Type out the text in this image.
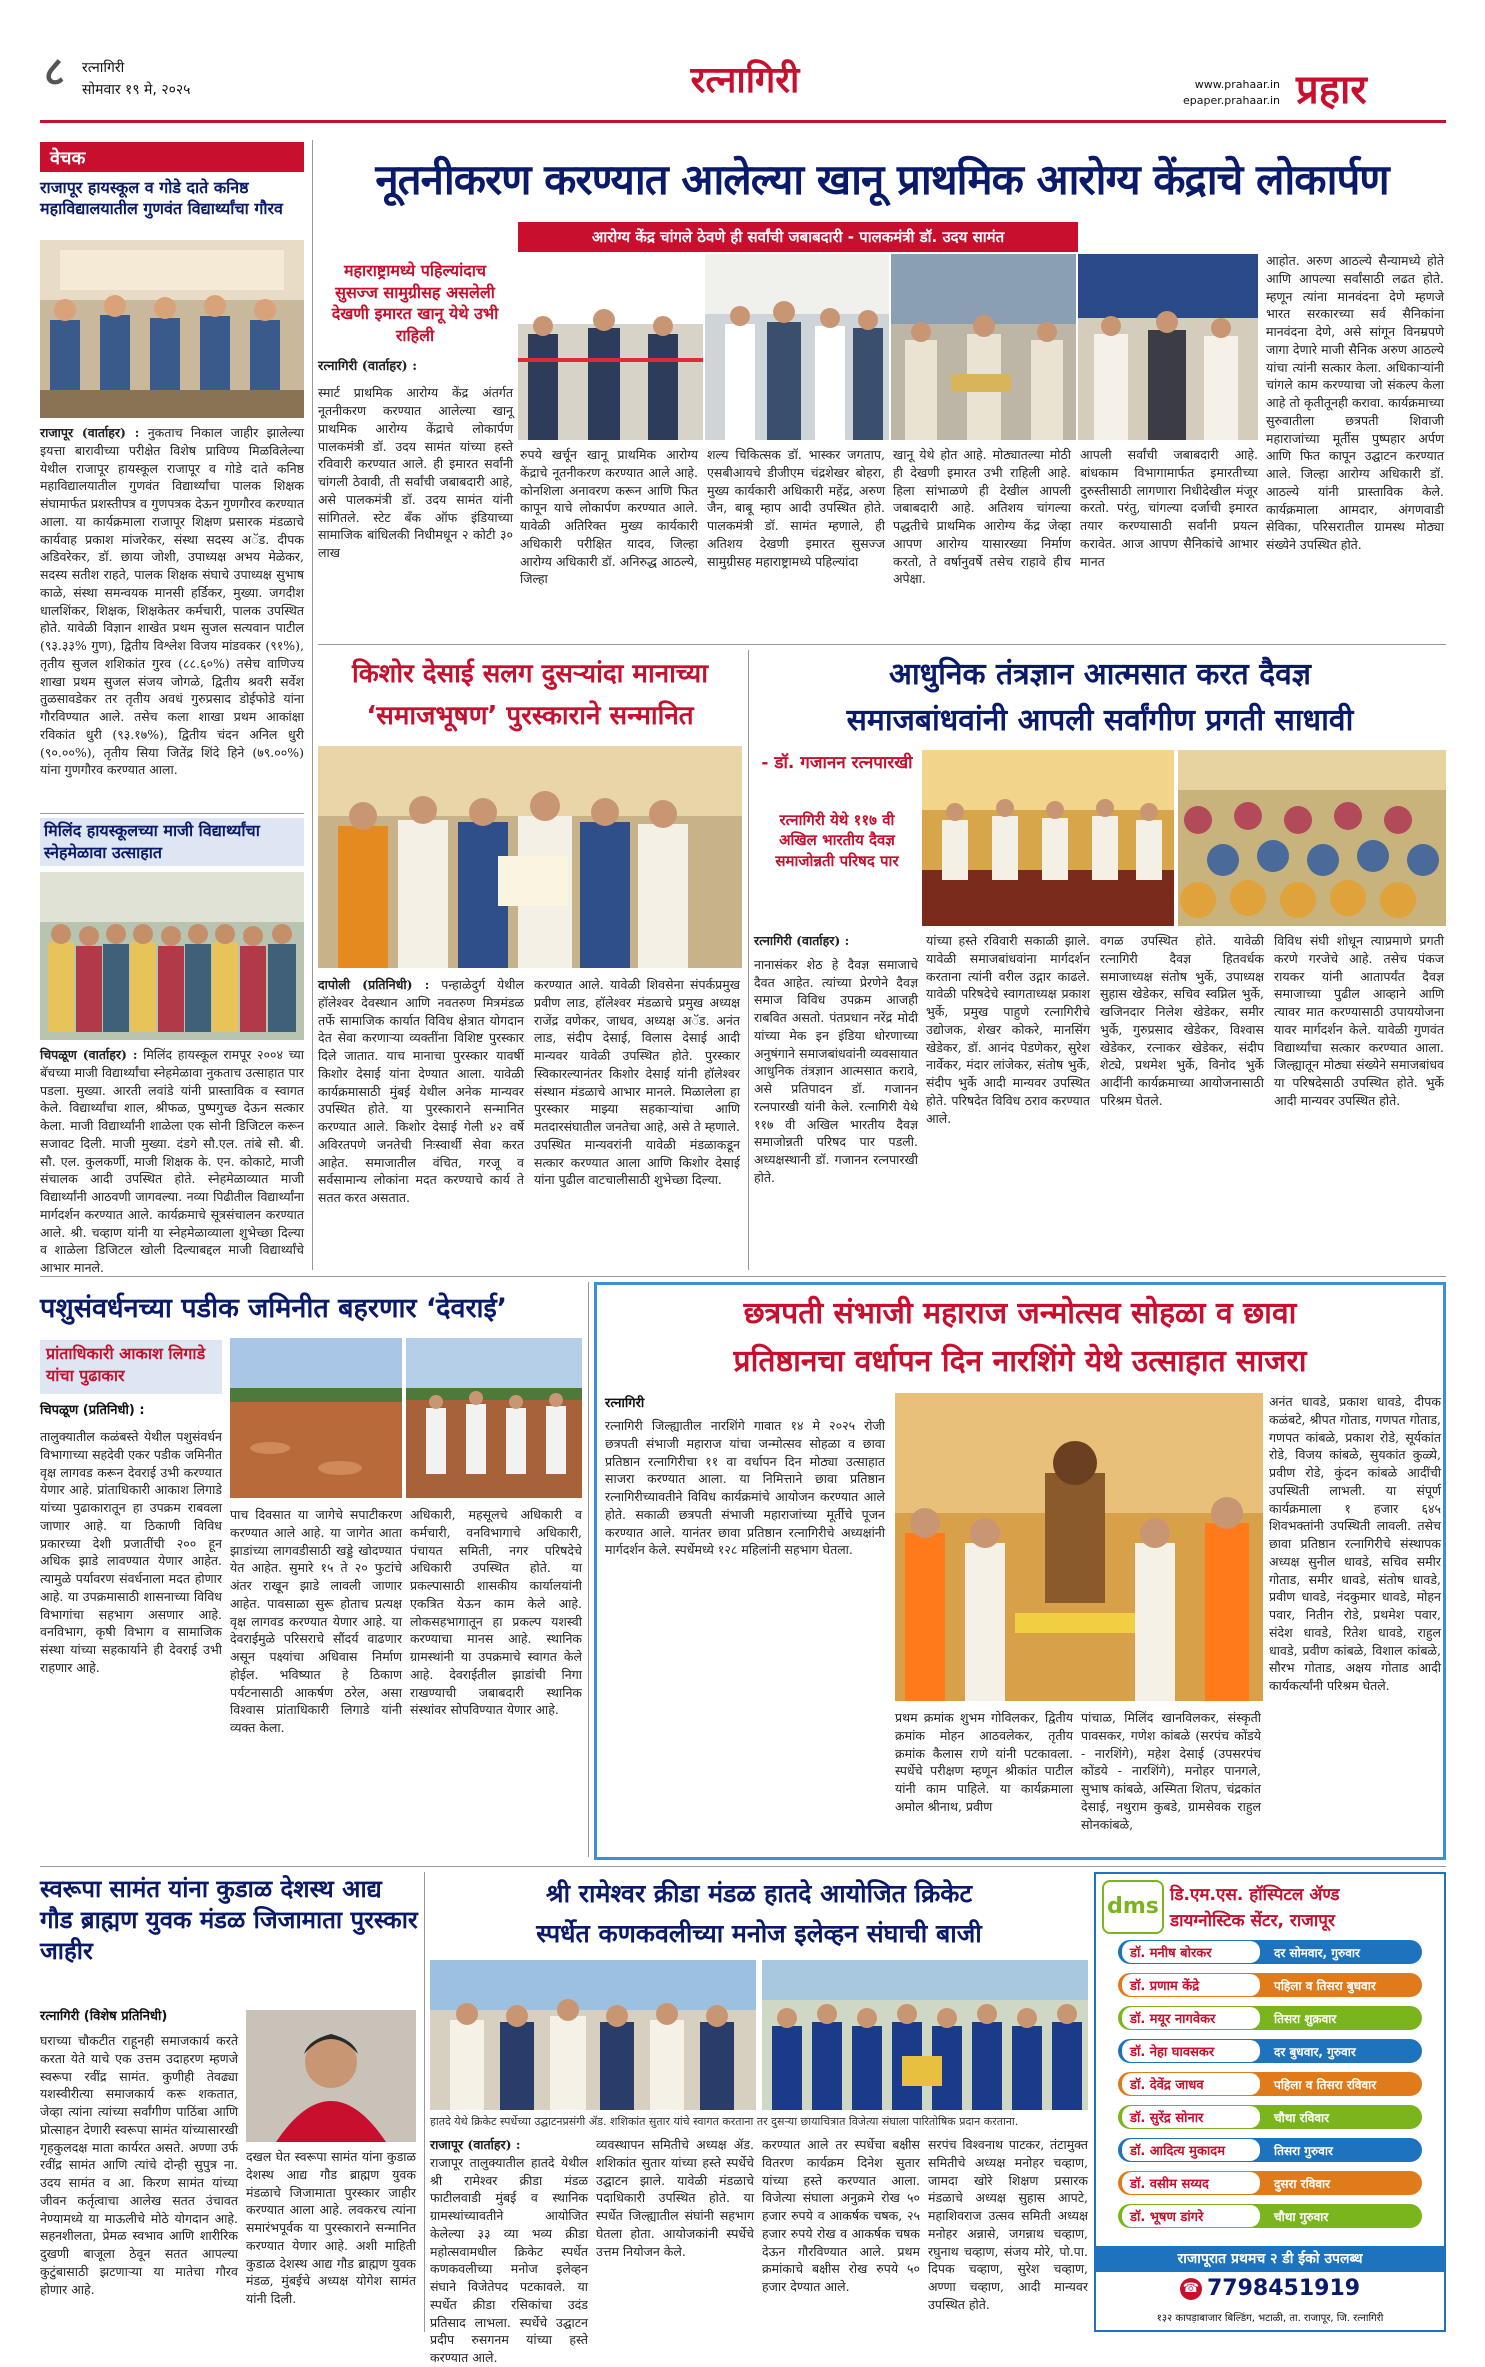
८	रत्नागिरी
सोमवार १९ मे, २०२५	रत्नागिरी	www.prahaar.in
epaper.prahaar.in प्रहार
वेचक
राजापूर हायस्कूल व गोडे दाते कनिष्ठ महाविद्यालयातील गुणवंत विद्यार्थ्यांचा गौरव
राजापूर (वार्ताहर) : नुकताच निकाल जाहीर झालेल्या इयत्ता बारावीच्या परीक्षेत विशेष प्राविण्य मिळविलेल्या येथील राजापूर हायस्कूल राजापूर व गोडे दाते कनिष्ठ महाविद्यालयातील गुणवंत विद्यार्थ्यांचा पालक शिक्षक संघामार्फत प्रशस्तीपत्र व गुणपत्रक देऊन गुणगौरव करण्यात आला. या कार्यक्रमाला राजापूर शिक्षण प्रसारक मंडळाचे कार्यवाह प्रकाश मांजरेकर, संस्था सदस्य अॅड. दीपक अडिवरेकर, डॉ. छाया जोशी, उपाध्यक्ष अभय मेळेकर, सदस्य सतीश राहते, पालक शिक्षक संघाचे उपाध्यक्ष सुभाष काळे, संस्था समन्वयक मानसी हर्डिकर, मुख्या. जगदीश धालशिंकर, शिक्षक, शिक्षकेतर कर्मचारी, पालक उपस्थित होते. यावेळी विज्ञान शाखेत प्रथम सुजल सत्यवान पाटील (९३.३३% गुण), द्वितीय विश्लेश विजय मांडवकर (९१%), तृतीय सुजल शशिकांत गुरव (८८.६०%) तसेच वाणिज्य शाखा प्रथम सुजल संजय जोगळे, द्वितीय श्रवरी सर्वेश तुळसावडेकर तर तृतीय अवधं गुरुप्रसाद डोईफोडे यांना गौरविण्यात आले. तसेच कला शाखा प्रथम आकांक्षा रविकांत धुरी (९३.१७%), द्वितीय चंदन अनिल धुरी (९०.००%), तृतीय सिया जितेंद्र शिंदे हिने (७९.००%) यांना गुणगौरव करण्यात आला.
मिलिंद हायस्कूलच्या माजी विद्यार्थ्यांचा स्नेहमेळावा उत्साहात
चिपळूण (वार्ताहर) : मिलिंद हायस्कूल रामपूर २००४ च्या बॅचच्या माजी विद्यार्थ्यांचा स्नेहमेळावा नुकताच उत्साहात पार पडला. मुख्या. आरती लवांडे यांनी प्रास्ताविक व स्वागत केले. विद्यार्थ्यांचा शाल, श्रीफळ, पुष्पगुच्छ देऊन सत्कार केला. माजी विद्यार्थ्यांनी शाळेला एक सोनी डिजिटल करून सजावट दिली. माजी मुख्या. दंडगे सौ.एल. तांबे सौ. बी. सौ. एल. कुलकर्णी, माजी शिक्षक के. एन. कोकाटे, माजी संचालक आदी उपस्थित होते. स्नेहमेळाव्यात माजी विद्यार्थ्यांनी आठवणी जागवल्या. नव्या पिढीतील विद्यार्थ्यांना मार्गदर्शन करण्यात आले. कार्यक्रमाचे सूत्रसंचालन करण्यात आले. श्री. चव्हाण यांनी या स्नेहमेळाव्याला शुभेच्छा दिल्या व शाळेला डिजिटल खोली दिल्याबद्दल माजी विद्यार्थ्यांचे आभार मानले.
नूतनीकरण करण्यात आलेल्या खानू प्राथमिक आरोग्य केंद्राचे लोकार्पण
आरोग्य केंद्र चांगले ठेवणे ही सर्वांची जबाबदारी - पालकमंत्री डॉ. उदय सामंत
महाराष्ट्रामध्ये पहिल्यांदाच सुसज्ज सामुग्रीसह असलेली देखणी इमारत खानू येथे उभी राहिली
रत्नागिरी (वार्ताहर) :
स्मार्ट प्राथमिक आरोग्य केंद्र अंतर्गत नूतनीकरण करण्यात आलेल्या खानू प्राथमिक आरोग्य केंद्राचे लोकार्पण पालकमंत्री डॉ. उदय सामंत यांच्या हस्ते रविवारी करण्यात आले. ही इमारत सर्वांनी चांगली ठेवावी, ती सर्वांची जबाबदारी आहे, असे पालकमंत्री डॉ. उदय सामंत यांनी सांगितले. स्टेट बँक ऑफ इंडियाच्या सामाजिक बांधिलकी निधीमधून २ कोटी ३० लाख
रुपये खर्चून खानू प्राथमिक आरोग्य केंद्राचे नूतनीकरण करण्यात आले आहे. कोनशिला अनावरण करून आणि फित कापून याचे लोकार्पण करण्यात आले. यावेळी अतिरिक्त मुख्य कार्यकारी अधिकारी परीक्षित यादव, जिल्हा आरोग्य अधिकारी डॉ. अनिरुद्ध आठल्ये, जिल्हा
शल्य चिकित्सक डॉ. भास्कर जगताप, एसबीआयचे डीजीएम चंद्रशेखर बोहरा, मुख्य कार्यकारी अधिकारी महेंद्र, अरुण जैन, बाबू म्हाप आदी उपस्थित होते. पालकमंत्री डॉ. सामंत म्हणाले, ही अतिशय देखणी इमारत सुसज्ज सामुग्रीसह महाराष्ट्रामध्ये पहिल्यांदा
खानू येथे होत आहे. मोठ्यातल्या मोठी ही देखणी इमारत उभी राहिली आहे. हिला सांभाळणे ही देखील आपली जबाबदारी आहे. अतिशय चांगल्या पद्धतीचे प्राथमिक आरोग्य केंद्र जेव्हा आपण आरोग्य यासारख्या निर्माण करतो, ते वर्षानुवर्षे तसेच राहावे हीच अपेक्षा.
आपली सर्वांची जबाबदारी आहे. बांधकाम विभागामार्फत इमारतीच्या दुरुस्तीसाठी लागणारा निधीदेखील मंजूर करतो. परंतु, चांगल्या दर्जाची इमारत तयार करण्यासाठी सर्वांनी प्रयत्न करावेत. आज आपण सैनिकांचे आभार मानत
आहोत. अरुण आठल्ये सैन्यामध्ये होते आणि आपल्या सर्वांसाठी लढत होते. म्हणून त्यांना मानवंदना देणे म्हणजे भारत सरकारच्या सर्व सैनिकांना मानवंदना देणे, असे सांगून विनम्रपणे जागा देणारे माजी सैनिक अरुण आठल्ये यांचा त्यांनी सत्कार केला. अधिकाऱ्यांनी चांगले काम करण्याचा जो संकल्प केला आहे तो कृतीतूनही करावा. कार्यक्रमाच्या सुरुवातीला छत्रपती शिवाजी महाराजांच्या मूर्तीस पुष्पहार अर्पण आणि फित कापून उद्घाटन करण्यात आले. जिल्हा आरोग्य अधिकारी डॉ. आठल्ये यांनी प्रास्ताविक केले. कार्यक्रमाला आमदार, अंगणवाडी सेविका, परिसरातील ग्रामस्थ मोठ्या संख्येने उपस्थित होते.
किशोर देसाई सलग दुसऱ्यांदा मानाच्या
‘समाजभूषण’ पुरस्काराने सन्मानित
दापोली (प्रतिनिधी) : पन्हाळेदुर्ग येथील हॉलेश्वर देवस्थान आणि नवतरुण मित्रमंडळ तर्फे सामाजिक कार्यात विविध क्षेत्रात योगदान देत सेवा करणाऱ्या व्यक्तींना विशिष्ट पुरस्कार दिले जातात. याच मानाचा पुरस्कार यावर्षी किशोर देसाई यांना देण्यात आला. यावेळी कार्यक्रमासाठी मुंबई येथील अनेक मान्यवर उपस्थित होते. या पुरस्काराने सन्मानित करण्यात आले. किशोर देसाई गेली ४२ वर्षे अविरतपणे जनतेची निःस्वार्थी सेवा करत आहेत. समाजातील वंचित, गरजू व सर्वसामान्य लोकांना मदत करण्याचे कार्य ते सतत करत असतात.
करण्यात आले. यावेळी शिवसेना संपर्कप्रमुख प्रवीण लाड, हॉलेश्वर मंडळाचे प्रमुख अध्यक्ष राजेंद्र वणेकर, जाधव, अध्यक्ष अॅड. अनंत लाड, संदीप देसाई, विलास देसाई आदी मान्यवर यावेळी उपस्थित होते. पुरस्कार स्विकारल्यानंतर किशोर देसाई यांनी हॉलेश्वर संस्थान मंडळाचे आभार मानले. मिळालेला हा पुरस्कार माझ्या सहकाऱ्यांचा आणि मतदारसंघातील जनतेचा आहे, असे ते म्हणाले. उपस्थित मान्यवरांनी यावेळी मंडळाकडून सत्कार करण्यात आला आणि किशोर देसाई यांना पुढील वाटचालीसाठी शुभेच्छा दिल्या.
आधुनिक तंत्रज्ञान आत्मसात करत दैवज्ञ
समाजबांधवांनी आपली सर्वांगीण प्रगती साधावी
- डॉ. गजानन रत्नपारखी
रत्नागिरी येथे ११७ वी अखिल भारतीय दैवज्ञ समाजोन्नती परिषद पार
रत्नागिरी (वार्ताहर) :
नानासंकर शेठ हे दैवज्ञ समाजाचे दैवत आहेत. त्यांच्या प्रेरणेने दैवज्ञ समाज विविध उपक्रम आजही राबवित असतो. पंतप्रधान नरेंद्र मोदी यांच्या मेक इन इंडिया धोरणाच्या अनुषंगाने समाजबांधवांनी व्यवसायात आधुनिक तंत्रज्ञान आत्मसात करावे, असे प्रतिपादन डॉ. गजानन रत्नपारखी यांनी केले. रत्नागिरी येथे ११७ वी अखिल भारतीय दैवज्ञ समाजोन्नती परिषद पार पडली. अध्यक्षस्थानी डॉ. गजानन रत्नपारखी होते.
यांच्या हस्ते रविवारी सकाळी झाले. यावेळी समाजबांधवांना मार्गदर्शन करताना त्यांनी वरील उद्गार काढले. यावेळी परिषदेचे स्वागताध्यक्ष प्रकाश भुर्के, प्रमुख पाहुणे रत्नागिरीचे उद्योजक, शेखर कोकरे, मानसिंग खेडेकर, डॉ. आनंद पेडणेकर, सुरेश नार्वेकर, मंदार लांजेकर, संतोष भुर्के, संदीप भुर्के आदी मान्यवर उपस्थित होते. परिषदेत विविध ठराव करण्यात आले.
वगळ उपस्थित होते. यावेळी रत्नागिरी दैवज्ञ हितवर्धक समाजाध्यक्ष संतोष भुर्के, उपाध्यक्ष सुहास खेडेकर, सचिव स्वप्निल भुर्के, खजिनदार निलेश खेडेकर, समीर भुर्के, गुरुप्रसाद खेडेकर, विश्वास खेडेकर, रत्नाकर खेडेकर, संदीप शेट्ये, प्रथमेश भुर्के, विनोद भुर्के आदींनी कार्यक्रमाच्या आयोजनासाठी परिश्रम घेतले.
विविध संघी शोधून त्याप्रमाणे प्रगती करणे गरजेचे आहे. तसेच पंकज रायकर यांनी आतापर्यंत दैवज्ञ समाजाच्या पुढील आव्हाने आणि त्यावर मात करण्यासाठी उपाययोजना यावर मार्गदर्शन केले. यावेळी गुणवंत विद्यार्थ्यांचा सत्कार करण्यात आला. जिल्ह्यातून मोठ्या संख्येने समाजबांधव या परिषदेसाठी उपस्थित होते. भुर्के आदी मान्यवर उपस्थित होते.
पशुसंवर्धनच्या पडीक जमिनीत बहरणार ‘देवराई’
प्रांताधिकारी आकाश लिगाडे यांचा पुढाकार
चिपळूण (प्रतिनिधी) :
तालुक्यातील कळंबस्ते येथील पशुसंवर्धन विभागाच्या सहदेवी एकर पडीक जमिनीत वृक्ष लागवड करून देवराई उभी करण्यात येणार आहे. प्रांताधिकारी आकाश लिगाडे यांच्या पुढाकारातून हा उपक्रम राबवला जाणार आहे. या ठिकाणी विविध प्रकारच्या देशी प्रजातींची २०० हून अधिक झाडे लावण्यात येणार आहेत. त्यामुळे पर्यावरण संवर्धनाला मदत होणार आहे. या उपक्रमासाठी शासनाच्या विविध विभागांचा सहभाग असणार आहे. वनविभाग, कृषी विभाग व सामाजिक संस्था यांच्या सहकार्याने ही देवराई उभी राहणार आहे.
पाच दिवसात या जागेचे सपाटीकरण करण्यात आले आहे. या जागेत आता झाडांच्या लागवडीसाठी खड्डे खोदण्यात येत आहेत. सुमारे १५ ते २० फुटांचे अंतर राखून झाडे लावली जाणार आहेत. पावसाळा सुरू होताच प्रत्यक्ष वृक्ष लागवड करण्यात येणार आहे. या देवराईमुळे परिसराचे सौंदर्य वाढणार असून पक्ष्यांचा अधिवास निर्माण होईल. भविष्यात हे ठिकाण पर्यटनासाठी आकर्षण ठरेल, असा विश्वास प्रांताधिकारी लिगाडे यांनी व्यक्त केला.
अधिकारी, महसूलचे अधिकारी व कर्मचारी, वनविभागाचे अधिकारी, पंचायत समिती, नगर परिषदेचे अधिकारी उपस्थित होते. या प्रकल्पासाठी शासकीय कार्यालयांनी एकत्रित येऊन काम केले आहे. लोकसहभागातून हा प्रकल्प यशस्वी करण्याचा मानस आहे. स्थानिक ग्रामस्थांनी या उपक्रमाचे स्वागत केले आहे. देवराईतील झाडांची निगा राखण्याची जबाबदारी स्थानिक संस्थांवर सोपविण्यात येणार आहे.
छत्रपती संभाजी महाराज जन्मोत्सव सोहळा व छावा
प्रतिष्ठानचा वर्धापन दिन नारशिंगे येथे उत्साहात साजरा
रत्नागिरी
रत्नागिरी जिल्ह्यातील नारशिंगे गावात १४ मे २०२५ रोजी छत्रपती संभाजी महाराज यांचा जन्मोत्सव सोहळा व छावा प्रतिष्ठान रत्नागिरीचा ११ वा वर्धापन दिन मोठ्या उत्साहात साजरा करण्यात आला. या निमित्ताने छावा प्रतिष्ठान रत्नागिरीच्यावतीने विविध कार्यक्रमांचे आयोजन करण्यात आले होते. सकाळी छत्रपती संभाजी महाराजांच्या मूर्तीचे पूजन करण्यात आले. यानंतर छावा प्रतिष्ठान रत्नागिरीचे अध्यक्षांनी मार्गदर्शन केले. स्पर्धेमध्ये १२८ महिलांनी सहभाग घेतला.
प्रथम क्रमांक शुभम गोविलकर, द्वितीय क्रमांक मोहन आठवलेकर, तृतीय क्रमांक कैलास राणे यांनी पटकावला. स्पर्धेचे परीक्षण म्हणून श्रीकांत पाटील यांनी काम पाहिले. या कार्यक्रमाला अमोल श्रीनाथ, प्रवीण
पांचाळ, मिलिंद खानविलकर, संस्कृती पावसकर, गणेश कांबळे (सरपंच कोंडये - नारशिंगे), महेश देसाई (उपसरपंच कोंडये - नारशिंगे), मनोहर पानगले, सुभाष कांबळे, अस्मिता शितप, चंद्रकांत देसाई, नथुराम कुबडे, ग्रामसेवक राहुल सोनकांबळे,
अनंत धावडे, प्रकाश धावडे, दीपक कळंबटे, श्रीपत गोताड, गणपत गोताड, गणपत कांबळे, प्रकाश रोडे, सूर्यकांत रोडे, विजय कांबळे, सुयकांत कुळ्ये, प्रवीण रोडे, कुंदन कांबळे आदींची उपस्थिती लाभली. या संपूर्ण कार्यक्रमाला १ हजार ६४५ शिवभक्तांनी उपस्थिती लावली. तसेच छावा प्रतिष्ठान रत्नागिरीचे संस्थापक अध्यक्ष सुनील धावडे, सचिव समीर गोताड, समीर धावडे, संतोष धावडे, प्रवीण धावडे, नंदकुमार धावडे, मोहन पवार, नितीन रोडे, प्रथमेश पवार, संदेश धावडे, रितेश धावडे, राहुल धावडे, प्रवीण कांबळे, विशाल कांबळे, सौरभ गोताड, अक्षय गोताड आदी कार्यकर्त्यांनी परिश्रम घेतले.
स्वरूपा सामंत यांना कुडाळ देशस्थ आद्य गौड ब्राह्मण युवक मंडळ जिजामाता पुरस्कार जाहीर
रत्नागिरी (विशेष प्रतिनिधी)
घराच्या चौकटीत राहूनही समाजकार्य करते करता येते याचे एक उत्तम उदाहरण म्हणजे स्वरूपा रवींद्र सामंत. कुणीही तेवढ्या यशस्वीरीत्या समाजकार्य करू शकतात, जेव्हा त्यांना त्यांच्या सर्वांगीण पाठिंबा आणि प्रोत्साहन देणारी स्वरूपा सामंत यांच्यासारखी गृहकुलदक्ष माता कार्यरत असते. अण्णा उर्फ रवींद्र सामंत आणि त्यांचे दोन्ही सुपुत्र ना. उदय सामंत व आ. किरण सामंत यांच्या जीवन कर्तृत्वाचा आलेख सतत उंचावत नेण्यामध्ये या माऊलीचे मोठे योगदान आहे. सहनशीलता, प्रेमळ स्वभाव आणि शारीरिक दुखणी बाजूला ठेवून सतत आपल्या कुटुंबासाठी झटणाऱ्या या मातेचा गौरव होणार आहे.
दखल घेत स्वरूपा सामंत यांना कुडाळ देशस्थ आद्य गौड ब्राह्मण युवक मंडळाचे जिजामाता पुरस्कार जाहीर करण्यात आला आहे. लवकरच त्यांना समारंभपूर्वक या पुरस्काराने सन्मानित करण्यात येणार आहे. अशी माहिती कुडाळ देशस्थ आद्य गौड ब्राह्मण युवक मंडळ, मुंबईचे अध्यक्ष योगेश सामंत यांनी दिली.
श्री रामेश्वर क्रीडा मंडळ हातदे आयोजित क्रिकेट
स्पर्धेत कणकवलीच्या मनोज इलेव्हन संघाची बाजी
हातदे येथे क्रिकेट स्पर्धेच्या उद्घाटनप्रसंगी ॲड. शशिकांत सुतार यांचे स्वागत करताना तर दुसऱ्या छायाचित्रात विजेत्या संघाला पारितोषिक प्रदान करताना.
राजापूर (वार्ताहर) :
राजापूर तालुक्यातील हातदे येथील श्री रामेश्वर क्रीडा मंडळ फाटीलवाडी मुंबई व स्थानिक ग्रामस्थांच्यावतीने आयोजित केलेल्या ३३ व्या भव्य क्रीडा महोत्सवामधील क्रिकेट स्पर्धेत कणकवलीच्या मनोज इलेव्हन संघाने विजेतेपद पटकावले. या स्पर्धेत क्रीडा रसिकांचा उदंड प्रतिसाद लाभला. स्पर्धेचे उद्घाटन प्रदीप रुसगनम यांच्या हस्ते करण्यात आले.
व्यवस्थापन समितीचे अध्यक्ष ॲड. शशिकांत सुतार यांच्या हस्ते स्पर्धेचे उद्घाटन झाले. यावेळी मंडळाचे पदाधिकारी उपस्थित होते. या स्पर्धेत जिल्ह्यातील संघांनी सहभाग घेतला होता. आयोजकांनी स्पर्धेचे उत्तम नियोजन केले.
करण्यात आले तर स्पर्धेचा बक्षीस वितरण कार्यक्रम दिनेश सुतार यांच्या हस्ते करण्यात आला. विजेत्या संघाला अनुक्रमे रोख ५० हजार रुपये व आकर्षक चषक, २५ हजार रुपये रोख व आकर्षक चषक देऊन गौरविण्यात आले. प्रथम क्रमांकाचे बक्षीस रोख रुपये ५० हजार देण्यात आले.
सरपंच विश्वनाथ पाटकर, तंटामुक्त समितीचे अध्यक्ष मनोहर चव्हाण, जामदा खोरे शिक्षण प्रसारक मंडळाचे अध्यक्ष सुहास आपटे, महाशिवराज उत्सव समिती अध्यक्ष मनोहर अन्नासे, जगन्नाथ चव्हाण, रघुनाथ चव्हाण, संजय मोरे, पो.पा. दिपक चव्हाण, सुरेश चव्हाण, अण्णा चव्हाण, आदी मान्यवर उपस्थित होते.
dms डि.एम.एस. हॉस्पिटल ॲण्ड
डायग्नोस्टिक सेंटर, राजापूर
डॉ. मनीष बोरकर	दर सोमवार, गुरुवार
डॉ. प्रणाम केंद्रे	पहिला व तिसरा बुधवार
डॉ. मयूर नागवेकर	तिसरा शुक्रवार
डॉ. नेहा घावसकर	दर बुधवार, गुरुवार
डॉ. देवेंद्र जाधव	पहिला व तिसरा रविवार
डॉ. सुरेंद्र सोनार	चौथा रविवार
डॉ. आदित्य मुकादम	तिसरा गुरुवार
डॉ. वसीम सय्यद	दुसरा रविवार
डॉ. भूषण डांगरे	चौथा गुरुवार
राजापूरात प्रथमच २ डी ईको उपलब्ध
☎ 7798451919
१३२ कापड़ाबाजार बिल्डिंग, भटाळी, ता. राजापूर, जि. रत्नागिरी
